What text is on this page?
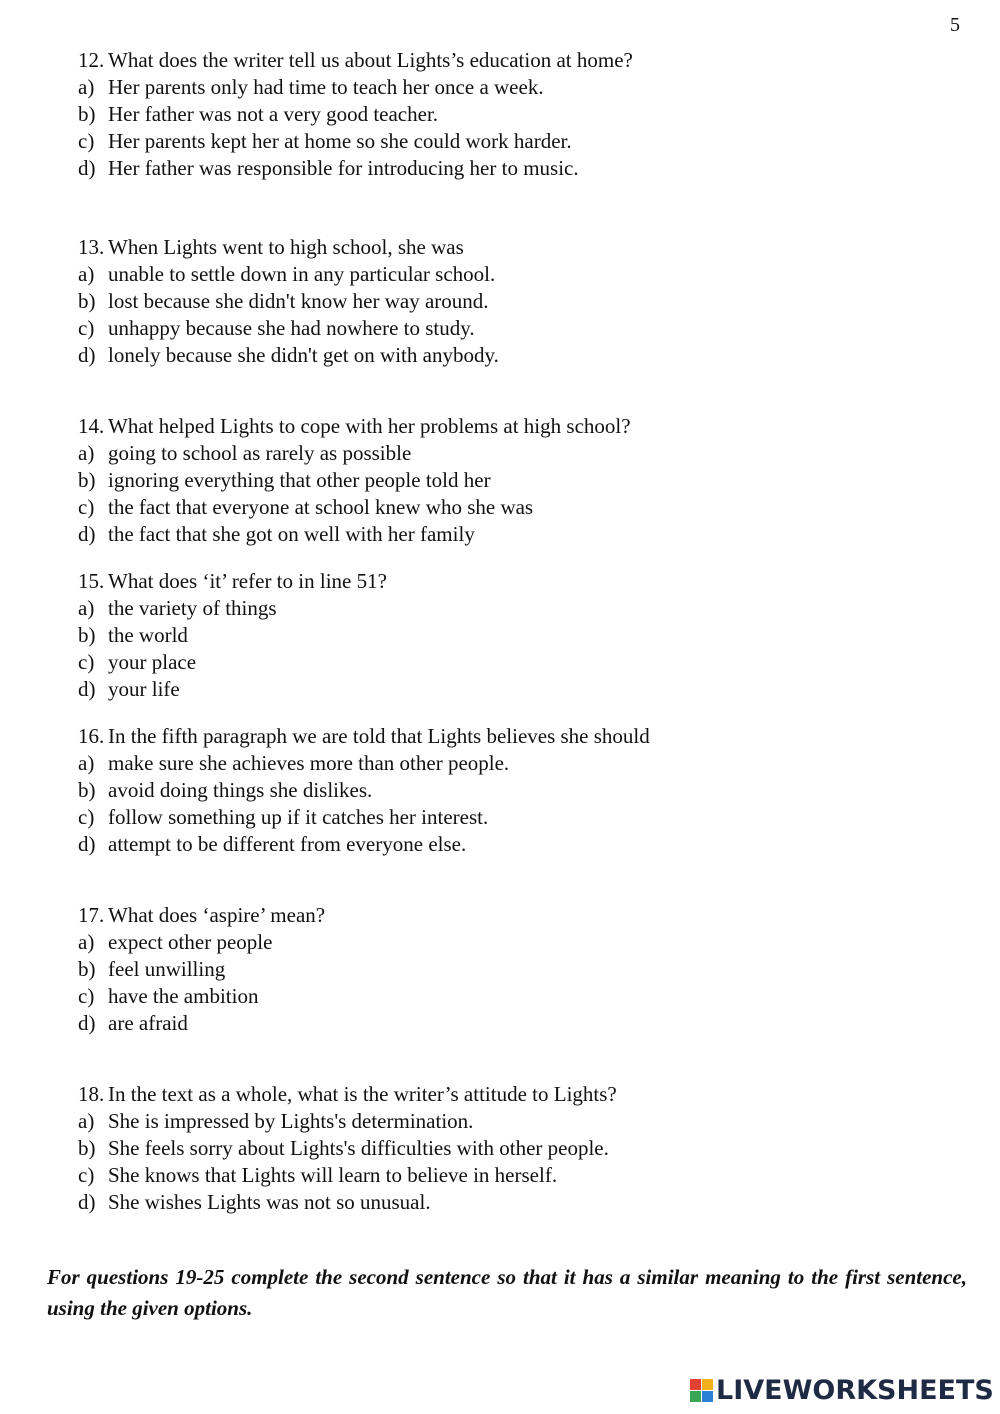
5
12. What does the writer tell us about Lights’s education at home?
a) Her parents only had time to teach her once a week.
b) Her father was not a very good teacher.
c) Her parents kept her at home so she could work harder.
d) Her father was responsible for introducing her to music.
13. When Lights went to high school, she was
a) unable to settle down in any particular school.
b) lost because she didn't know her way around.
c) unhappy because she had nowhere to study.
d) lonely because she didn't get on with anybody.
14. What helped Lights to cope with her problems at high school?
a) going to school as rarely as possible
b) ignoring everything that other people told her
c) the fact that everyone at school knew who she was
d) the fact that she got on well with her family
15. What does ‘it’ refer to in line 51?
a) the variety of things
b) the world
c) your place
d) your life
16. In the fifth paragraph we are told that Lights believes she should
a) make sure she achieves more than other people.
b) avoid doing things she dislikes.
c) follow something up if it catches her interest.
d) attempt to be different from everyone else.
17. What does ‘aspire’ mean?
a) expect other people
b) feel unwilling
c) have the ambition
d) are afraid
18. In the text as a whole, what is the writer’s attitude to Lights?
a) She is impressed by Lights's determination.
b) She feels sorry about Lights's difficulties with other people.
c) She knows that Lights will learn to believe in herself.
d) She wishes Lights was not so unusual.
For questions 19-25 complete the second sentence so that it has a similar meaning to the first sentence, using the given options.
LIVEWORKSHEETS
